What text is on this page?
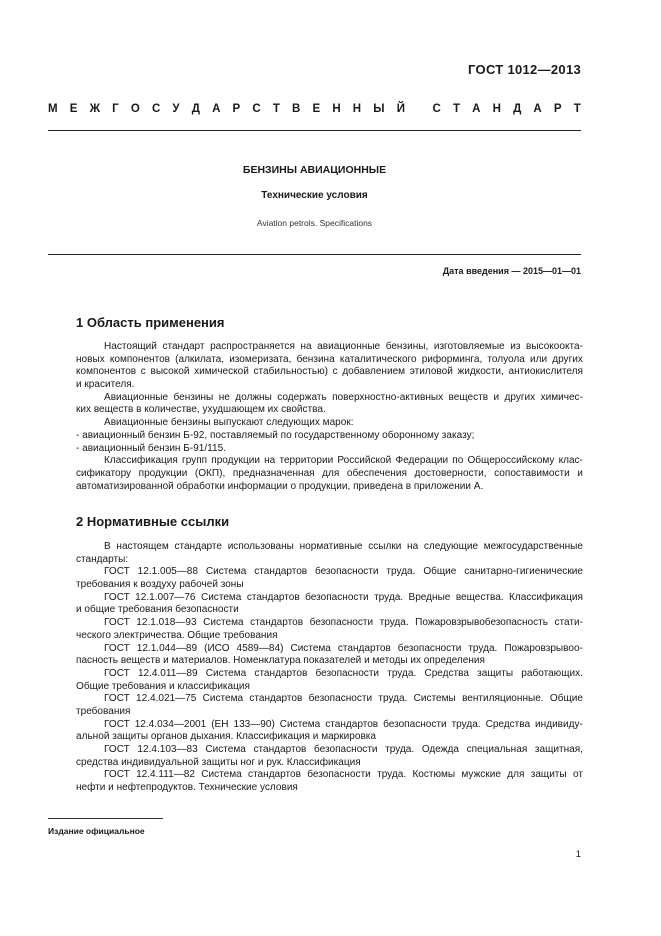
ГОСТ 1012—2013
М Е Ж Г О С У Д А Р С Т В Е Н Н Ы Й
С Т А Н Д А Р Т
БЕНЗИНЫ АВИАЦИОННЫЕ
Технические условия
Aviation petrols. Specifications
Дата введения — 2015—01—01
1 Область применения
Настоящий стандарт распространяется на авиационные бензины, изготовляемые из высокоокта-
новых компонентов (алкилата, изомеризата, бензина каталитического риформинга, толуола или других
компонентов с высокой химической стабильностью) с добавлением этиловой жидкости, антиокислителя
и красителя.
Авиационные бензины не должны содержать поверхностно-активных веществ и других химичес-
ких веществ в количестве, ухудшающем их свойства.
Авиационные бензины выпускают следующих марок:
- авиационный бензин Б-92, поставляемый по государственному оборонному заказу;
- авиационный бензин Б-91/115.
Классификация групп продукции на территории Российской Федерации по Общероссийскому клас-
сификатору продукции (ОКП), предназначенная для обеспечения достоверности, сопоставимости и
автоматизированной обработки информации о продукции, приведена в приложении А.
2 Нормативные ссылки
В настоящем стандарте использованы нормативные ссылки на следующие межгосударственные
стандарты:
ГОСТ 12.1.005—88 Система стандартов безопасности труда. Общие санитарно-гигиенические
требования к воздуху рабочей зоны
ГОСТ 12.1.007—76 Система стандартов безопасности труда. Вредные вещества. Классификация
и общие требования безопасности
ГОСТ 12.1.018—93 Система стандартов безопасности труда. Пожаровзрывобезопасность стати-
ческого электричества. Общие требования
ГОСТ 12.1.044—89 (ИСО 4589—84) Система стандартов безопасности труда. Пожаровзрывоо-
пасность веществ и материалов. Номенклатура показателей и методы их определения
ГОСТ 12.4.011—89 Система стандартов безопасности труда. Средства защиты работающих.
Общие требования и классификация
ГОСТ 12.4.021—75 Система стандартов безопасности труда. Системы вентиляционные. Общие
требования
ГОСТ 12.4.034—2001 (ЕН 133—90) Система стандартов безопасности труда. Средства индивиду-
альной защиты органов дыхания. Классификация и маркировка
ГОСТ 12.4.103—83 Система стандартов безопасности труда. Одежда специальная защитная,
средства индивидуальной защиты ног и рук. Классификация
ГОСТ 12.4.111—82 Система стандартов безопасности труда. Костюмы мужские для защиты от
нефти и нефтепродуктов. Технические условия
Издание официальное
1
